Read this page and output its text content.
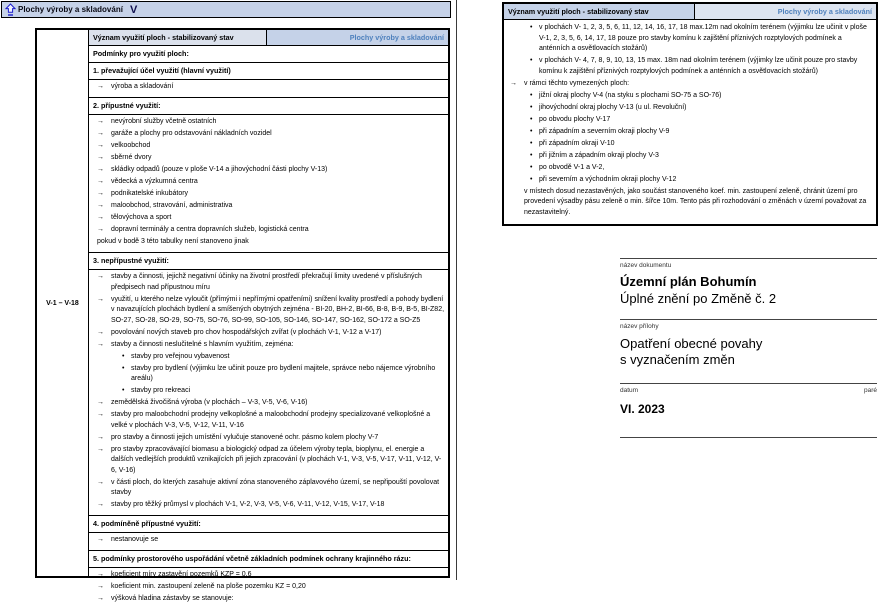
Plochy výroby a skladování V
V-1 – V-18
Význam využití ploch - stabilizovaný stav	Plochy výroby a skladování
Podmínky pro využití ploch:
1. převažující účel využití (hlavní využití)
→	výroba a skladování
2. přípustné využití:
→	nevýrobní služby včetně ostatních
→	garáže a plochy pro odstavování nákladních vozidel
→	velkoobchod
→	sběrné dvory
→	skládky odpadů (pouze v ploše V-14 a jihovýchodní části plochy V-13)
→	vědecká a výzkumná centra
→	podnikatelské inkubátory
→	maloobchod, stravování, administrativa
→	tělovýchova a sport
→	dopravní terminály a centra dopravních služeb, logistická centra
pokud v bodě 3 této tabulky není stanoveno jinak
3. nepřípustné využití:
→	stavby a činnosti, jejichž negativní účinky na životní prostředí překračují limity uvedené v příslušných předpisech nad přípustnou míru
→	využití, u kterého nelze vyloučit (přímými i nepřímými opatřeními) snížení kvality prostředí a pohody bydlení v navazujících plochách bydlení a smíšených obytných zejména - BI-20, BH-2, BI-66, B-8, B-9, B-5, BI-Z82, SO-27, SO-28, SO-29, SO-75, SO-76, SO-99, SO-105, SO-146, SO-147, SO-162, SO-172 a SO-Z5
→	povolování nových staveb pro chov hospodářských zvířat (v plochách V-1, V-12 a V-17)
→	stavby a činnosti neslučitelné s hlavním využitím, zejména:
• stavby pro veřejnou vybavenost
• stavby pro bydlení (výjimku lze učinit pouze pro bydlení majitele, správce nebo nájemce výrobního areálu)
• stavby pro rekreaci
→	zemědělská živočišná výroba (v plochách – V-3, V-5, V-6, V-16)
→	stavby pro maloobchodní prodejny velkoplošné a maloobchodní prodejny specializované velkoplošné a velké v plochách V-3, V-5, V-12, V-11, V-16
→	pro stavby a činnosti jejich umístění vylučuje stanovené ochr. pásmo kolem plochy V-7
→	pro stavby zpracovávající biomasu a biologický odpad za účelem výroby tepla, bioplynu, el. energie a dalších vedlejších produktů vznikajících při jejich zpracování (v plochách V-1, V-3, V-5, V-17, V-11, V-12, V-6, V-16)
→	v části ploch, do kterých zasahuje aktivní zóna stanoveného záplavového území, se nepřipouští povolovat stavby
→	stavby pro těžký průmysl v plochách V-1, V-2, V-3, V-5, V-6, V-11, V-12, V-15, V-17, V-18
4. podmíněně přípustné využití:
→	nestanovuje se
5. podmínky prostorového uspořádání včetně základních podmínek ochrany krajinného rázu:
→	koeficient míry zastavění pozemků KZP = 0,6
→	koeficient min. zastoupení zeleně na ploše pozemku KZ = 0,20
→	výšková hladina zástavby se stanovuje:
Význam využití ploch - stabilizovaný stav	Plochy výroby a skladování
• v plochách V- 1, 2, 3, 5, 6, 11, 12, 14, 16, 17, 18 max.12m nad okolním terénem (výjimku lze učinit v ploše V-1, 2, 3, 5, 6, 14, 17, 18 pouze pro stavby komínu k zajištění příznivých rozptylových podmínek a anténních a osvětlovacích stožárů)
• v plochách V- 4, 7, 8, 9, 10, 13, 15 max. 18m nad okolním terénem (výjimky lze učinit pouze pro stavby komínu k zajištění příznivých rozptylových podmínek a anténních a osvětlovacích stožárů)
→	v rámci těchto vymezených ploch:
• jižní okraj plochy V-4 (na styku s plochami SO-75 a SO-76)
• jihovýchodní okraj plochy V-13 (u ul. Revoluční)
• po obvodu plochy V-17
• při západním a severním okraji plochy V-9
• při západním okraji V-10
• při jižním a západním okraji plochy V-3
• po obvodě V-1 a V-2,
• při severním a východním okraji plochy V-12
v místech dosud nezastavěných, jako součást stanoveného koef. min. zastoupení zeleně, chránit území pro provedení výsadby pásu zeleně o min. šířce 10m. Tento pás při rozhodování o změnách v území považovat za nezastavitelný.
název dokumentu
Územní plán Bohumín
Úplné znění po Změně č. 2
název přílohy
Opatření obecné povahy
s vyznačením změn
datum	paré
VI. 2023
